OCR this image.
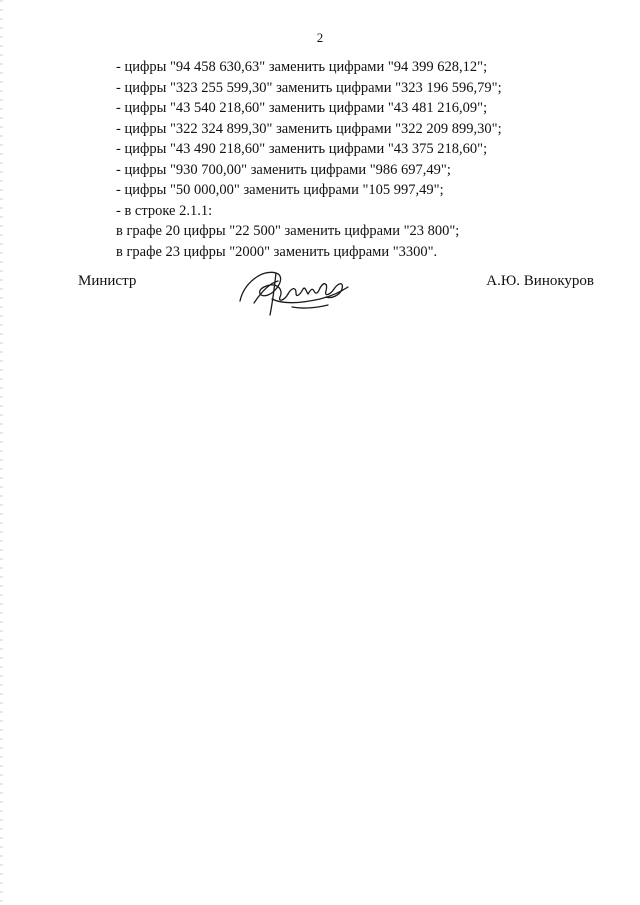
2
- цифры "94 458 630,63" заменить цифрами "94 399 628,12";
- цифры "323 255 599,30" заменить цифрами "323 196 596,79";
- цифры "43 540 218,60" заменить цифрами "43 481 216,09";
- цифры "322 324 899,30" заменить цифрами "322 209 899,30";
- цифры "43 490 218,60" заменить цифрами "43 375 218,60";
- цифры "930 700,00" заменить цифрами "986 697,49";
- цифры "50 000,00" заменить цифрами "105 997,49";
- в строке 2.1.1:
в графе 20 цифры "22 500" заменить цифрами "23 800";
в графе 23 цифры "2000" заменить цифрами "3300".
Министр	А.Ю. Винокуров
